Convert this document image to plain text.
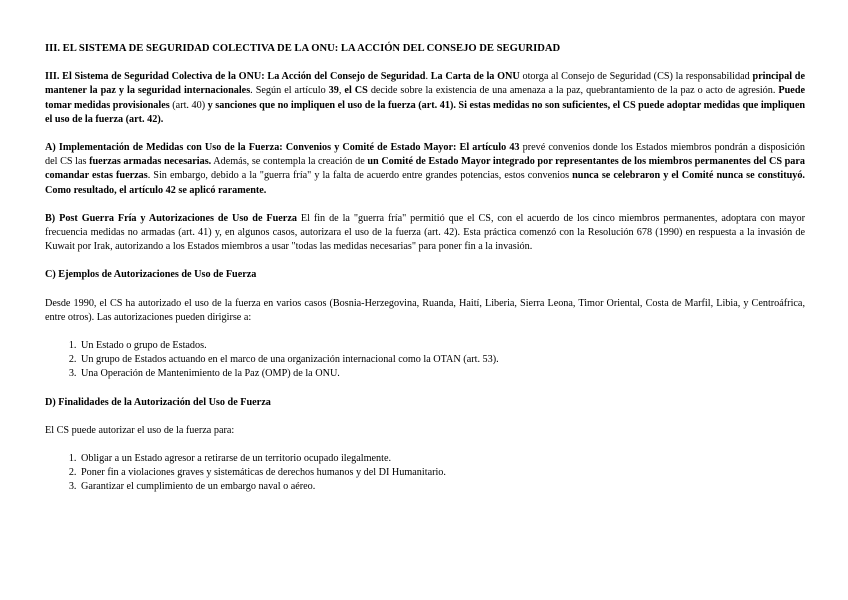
III. EL SISTEMA DE SEGURIDAD COLECTIVA DE LA ONU: LA ACCIÓN DEL CONSEJO DE SEGURIDAD

III. El Sistema de Seguridad Colectiva de la ONU: La Acción del Consejo de Seguridad. La Carta de la ONU otorga al Consejo de Seguridad (CS) la responsabilidad principal de mantener la paz y la seguridad internacionales. Según el artículo 39, el CS decide sobre la existencia de una amenaza a la paz, quebrantamiento de la paz o acto de agresión. Puede tomar medidas provisionales (art. 40) y sanciones que no impliquen el uso de la fuerza (art. 41). Si estas medidas no son suficientes, el CS puede adoptar medidas que impliquen el uso de la fuerza (art. 42).

A) Implementación de Medidas con Uso de la Fuerza: Convenios y Comité de Estado Mayor: El artículo 43 prevé convenios donde los Estados miembros pondrán a disposición del CS las fuerzas armadas necesarias. Además, se contempla la creación de un Comité de Estado Mayor integrado por representantes de los miembros permanentes del CS para comandar estas fuerzas. Sin embargo, debido a la "guerra fría" y la falta de acuerdo entre grandes potencias, estos convenios nunca se celebraron y el Comité nunca se constituyó. Como resultado, el artículo 42 se aplicó raramente.

B) Post Guerra Fría y Autorizaciones de Uso de Fuerza El fin de la "guerra fría" permitió que el CS, con el acuerdo de los cinco miembros permanentes, adoptara con mayor frecuencia medidas no armadas (art. 41) y, en algunos casos, autorizara el uso de la fuerza (art. 42). Esta práctica comenzó con la Resolución 678 (1990) en respuesta a la invasión de Kuwait por Irak, autorizando a los Estados miembros a usar "todas las medidas necesarias" para poner fin a la invasión.

C) Ejemplos de Autorizaciones de Uso de Fuerza

Desde 1990, el CS ha autorizado el uso de la fuerza en varios casos (Bosnia-Herzegovina, Ruanda, Haití, Liberia, Sierra Leona, Timor Oriental, Costa de Marfil, Libia, y Centroáfrica, entre otros). Las autorizaciones pueden dirigirse a:

1. Un Estado o grupo de Estados.
2. Un grupo de Estados actuando en el marco de una organización internacional como la OTAN (art. 53).
3. Una Operación de Mantenimiento de la Paz (OMP) de la ONU.
D) Finalidades de la Autorización del Uso de Fuerza

El CS puede autorizar el uso de la fuerza para:

1. Obligar a un Estado agresor a retirarse de un territorio ocupado ilegalmente.
2. Poner fin a violaciones graves y sistemáticas de derechos humanos y del DI Humanitario.
3. Garantizar el cumplimiento de un embargo naval o aéreo.
